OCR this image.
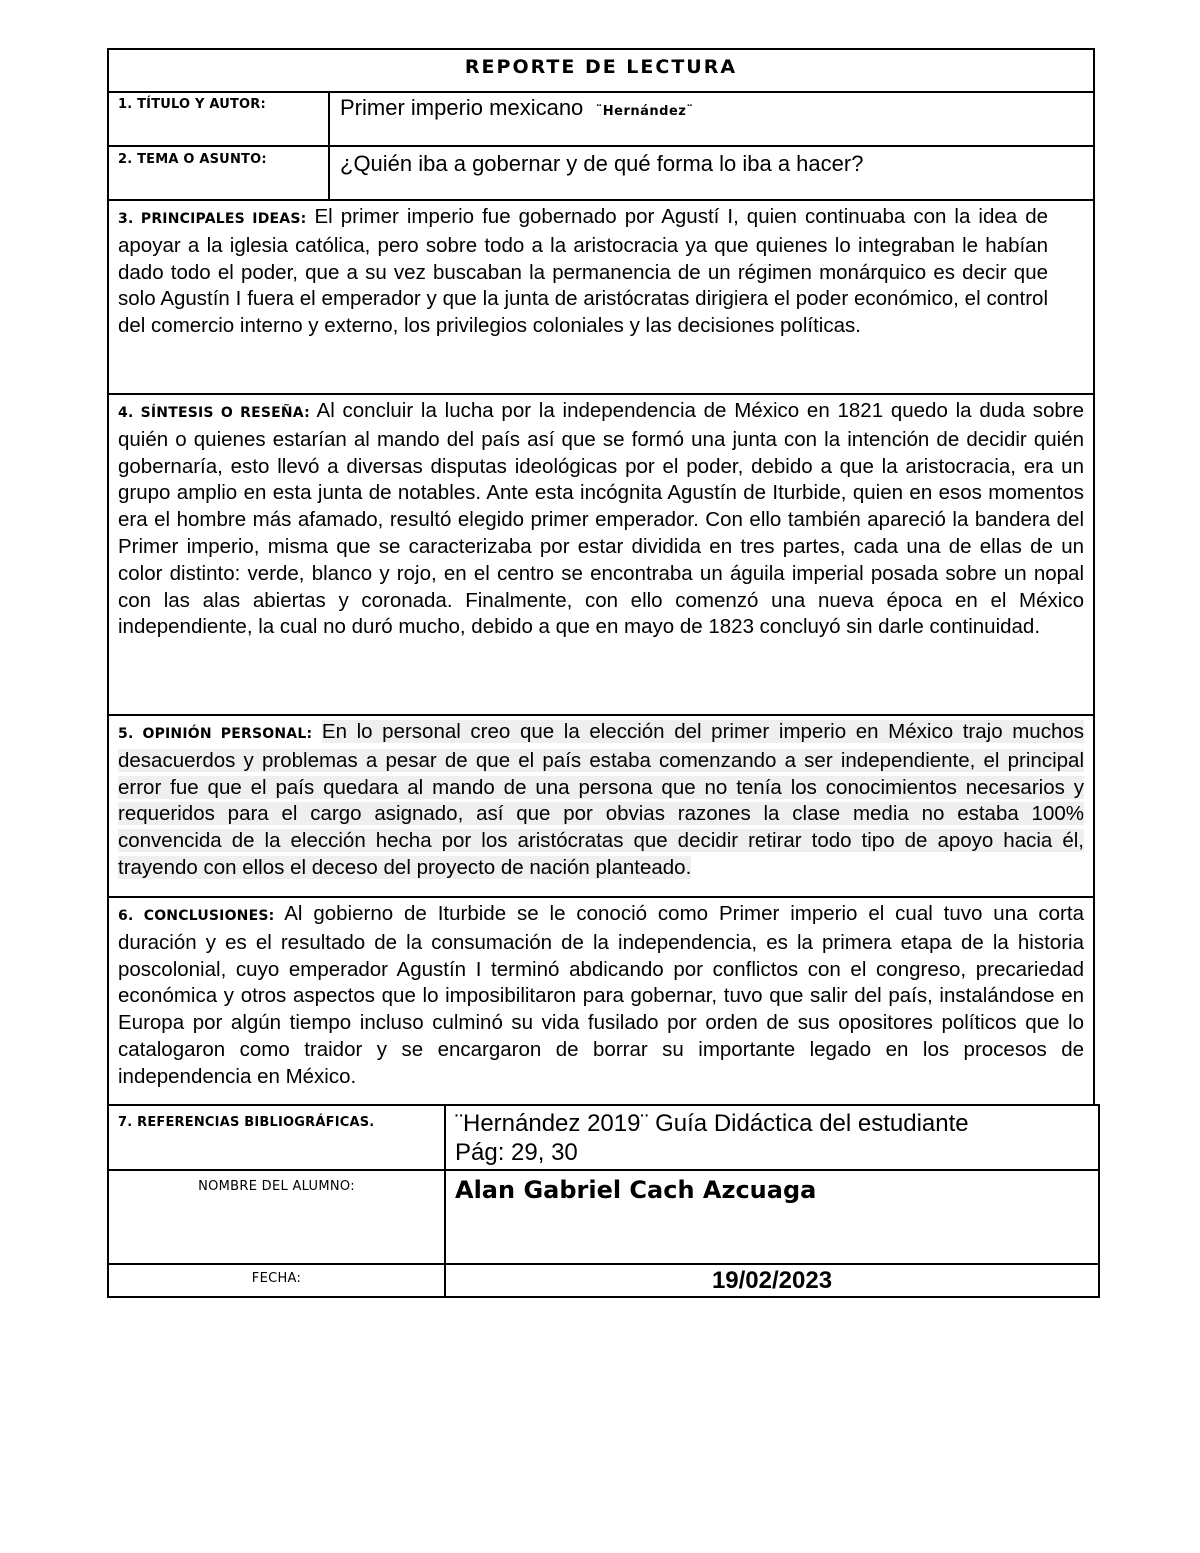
REPORTE DE LECTURA
1. TÍTULO Y AUTOR:	Primer imperio mexicano ¨Hernández¨
2. TEMA O ASUNTO:	¿Quién iba a gobernar y de qué forma lo iba a hacer?
3. PRINCIPALES IDEAS: El primer imperio fue gobernado por Agustí I, quien continuaba con la idea de apoyar a la iglesia católica, pero sobre todo a la aristocracia ya que quienes lo integraban le habían dado todo el poder, que a su vez buscaban la permanencia de un régimen monárquico es decir que solo Agustín I fuera el emperador y que la junta de aristócratas dirigiera el poder económico, el control del comercio interno y externo, los privilegios coloniales y las decisiones políticas.
4. SÍNTESIS O RESEÑA: Al concluir la lucha por la independencia de México en 1821 quedo la duda sobre quién o quienes estarían al mando del país así que se formó una junta con la intención de decidir quién gobernaría, esto llevó a diversas disputas ideológicas por el poder, debido a que la aristocracia, era un grupo amplio en esta junta de notables. Ante esta incógnita Agustín de Iturbide, quien en esos momentos era el hombre más afamado, resultó elegido primer emperador. Con ello también apareció la bandera del Primer imperio, misma que se caracterizaba por estar dividida en tres partes, cada una de ellas de un color distinto: verde, blanco y rojo, en el centro se encontraba un águila imperial posada sobre un nopal con las alas abiertas y coronada. Finalmente, con ello comenzó una nueva época en el México independiente, la cual no duró mucho, debido a que en mayo de 1823 concluyó sin darle continuidad.
5. OPINIÓN PERSONAL: En lo personal creo que la elección del primer imperio en México trajo muchos desacuerdos y problemas a pesar de que el país estaba comenzando a ser independiente, el principal error fue que el país quedara al mando de una persona que no tenía los conocimientos necesarios y requeridos para el cargo asignado, así que por obvias razones la clase media no estaba 100% convencida de la elección hecha por los aristócratas que decidir retirar todo tipo de apoyo hacia él, trayendo con ellos el deceso del proyecto de nación planteado.
6. CONCLUSIONES: Al gobierno de Iturbide se le conoció como Primer imperio el cual tuvo una corta duración y es el resultado de la consumación de la independencia, es la primera etapa de la historia poscolonial, cuyo emperador Agustín I terminó abdicando por conflictos con el congreso, precariedad económica y otros aspectos que lo imposibilitaron para gobernar, tuvo que salir del país, instalándose en Europa por algún tiempo incluso culminó su vida fusilado por orden de sus opositores políticos que lo catalogaron como traidor y se encargaron de borrar su importante legado en los procesos de independencia en México.
7. REFERENCIAS BIBLIOGRÁFICAS.	¨Hernández 2019¨ Guía Didáctica del estudiante
Pág: 29, 30
NOMBRE DEL ALUMNO:	Alan Gabriel Cach Azcuaga
FECHA:	19/02/2023
